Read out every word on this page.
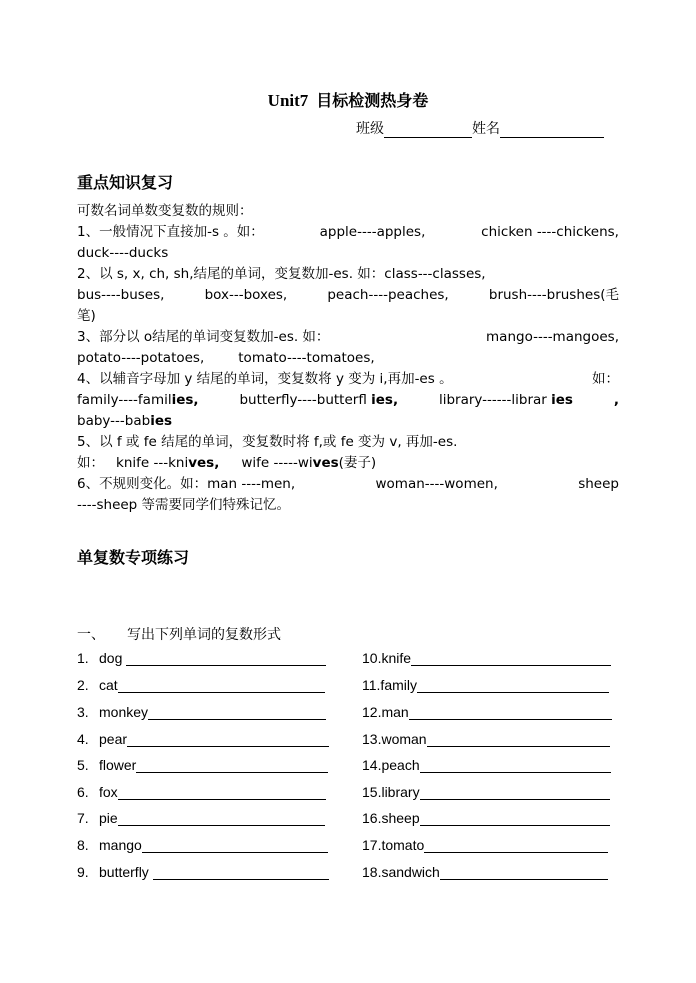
Unit7 目标检测热身卷
班级	姓名
重点知识复习
可数名词单数变复数的规则：
1、一般情况下直接加-s 。如：	apple----apples,	chicken ----chickens,
duck----ducks
2、以 s, x, ch, sh,结尾的单词，变复数加-es. 如：class---classes,
bus----buses,	box---boxes,	peach----peaches,	brush----brushes(毛
笔)
3、部分以 o结尾的单词变复数加-es. 如：	mango----mangoes,
potato----potatoes,	tomato----tomatoes,
4、以辅音字母加 y 结尾的单词，变复数将 y 变为 i,再加-es 。	如：
family----families,	butterfly----butterfl ies,	library------librar ies	,
baby---babies
5、以 f 或 fe 结尾的单词，变复数时将 f,或 fe 变为 v, 再加-es.
如： knife ---knives, wife -----wives(妻子)
6、不规则变化。如：man ----men,	woman----women,	sheep
----sheep 等需要同学们特殊记忆。
单复数专项练习
一、 写出下列单词的复数形式
1. dog
2. cat
3. monkey
4. pear
5. flower
6. fox
7. pie
8. mango
9. butterfly
10.knife
11.family
12.man
13.woman
14.peach
15.library
16.sheep
17.tomato
18.sandwich
